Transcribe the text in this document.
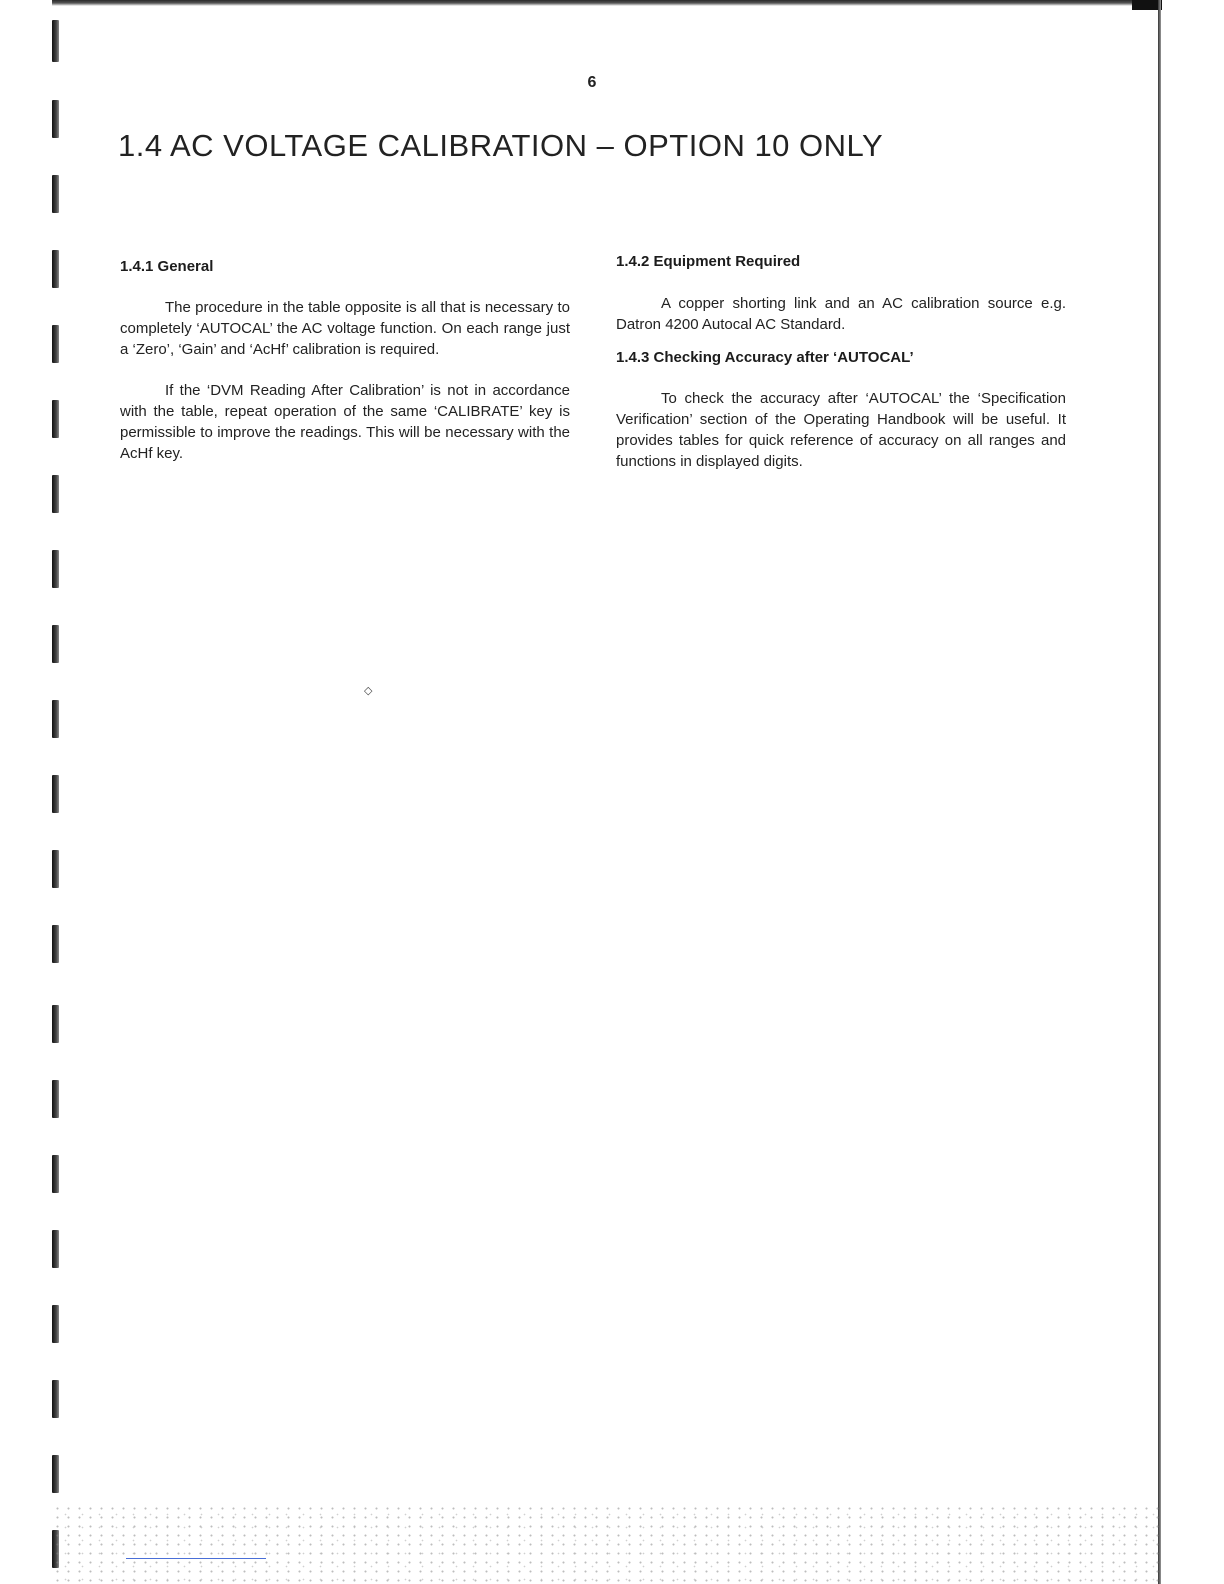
◇
6
1.4 AC VOLTAGE CALIBRATION – OPTION 10 ONLY
1.4.1 General

The procedure in the table opposite is all that is necessary to completely ‘AUTOCAL’ the AC voltage function. On each range just a ‘Zero’, ‘Gain’ and ‘AcHf’ calibration is required.

If the ‘DVM Reading After Calibration’ is not in accordance with the table, repeat operation of the same ‘CALIBRATE’ key is permissible to improve the readings. This will be necessary with the AcHf key.

1.4.2 Equipment Required

A copper shorting link and an AC calibration source e.g. Datron 4200 Autocal AC Standard.

1.4.3 Checking Accuracy after ‘AUTOCAL’

To check the accuracy after ‘AUTOCAL’ the ‘Specification Verification’ section of the Operating Handbook will be useful. It provides tables for quick reference of accuracy on all ranges and functions in displayed digits.
